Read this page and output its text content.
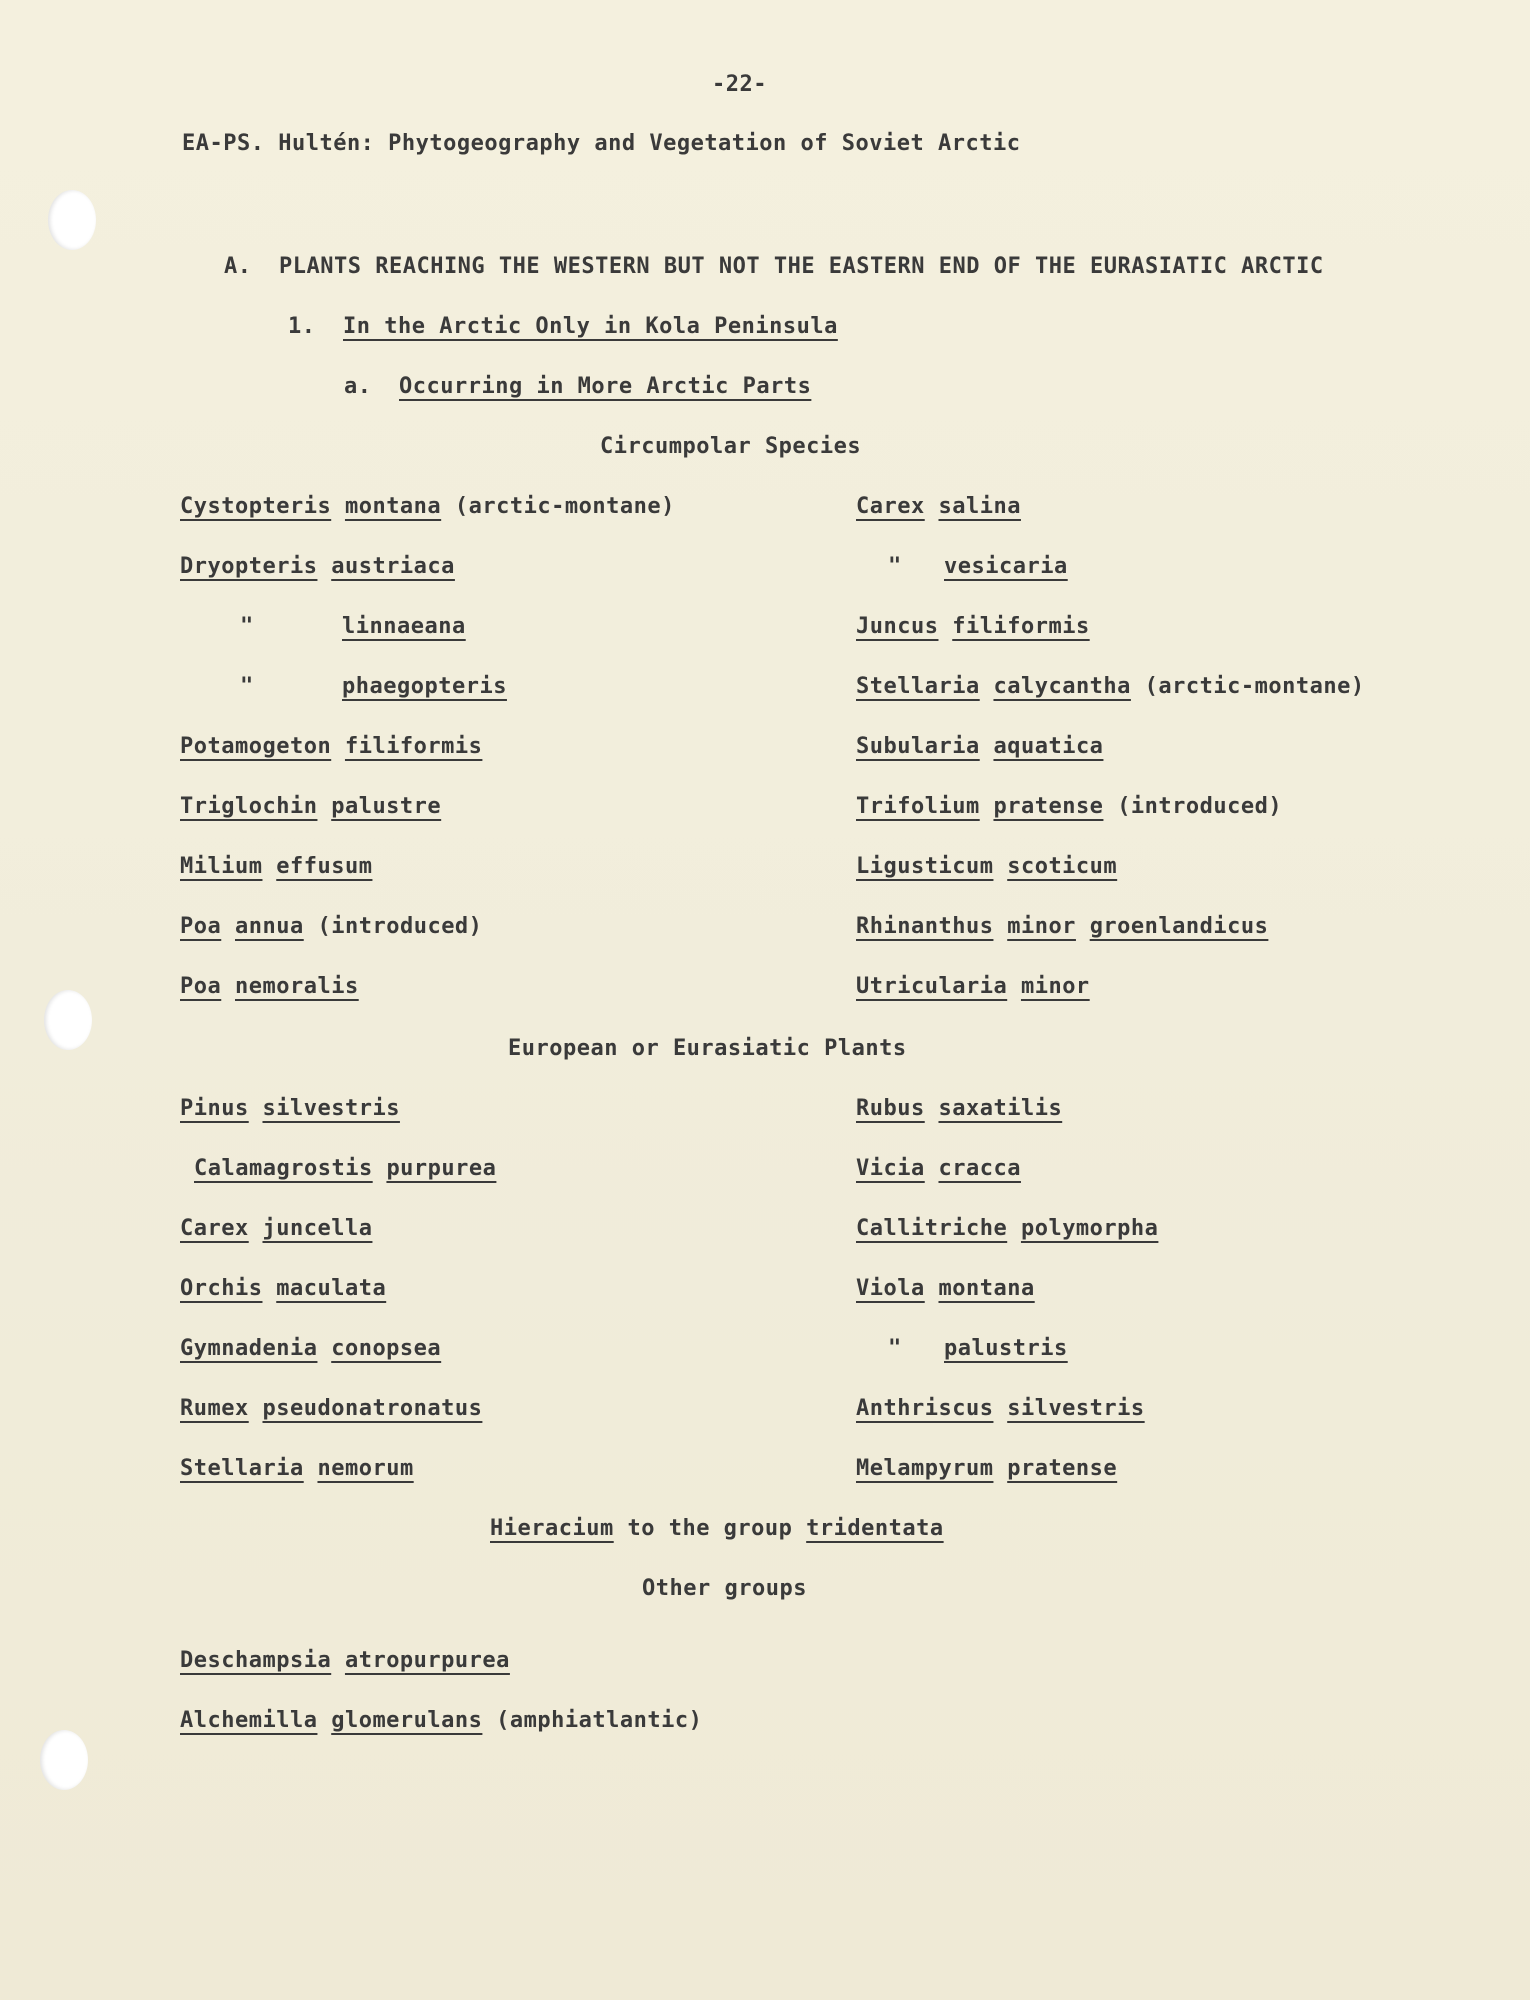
-22-
EA-PS. Hultén: Phytogeography and Vegetation of Soviet Arctic
A. PLANTS REACHING THE WESTERN BUT NOT THE EASTERN END OF THE EURASIATIC ARCTIC
1. In the Arctic Only in Kola Peninsula
a. Occurring in More Arctic Parts
Circumpolar Species
Cystopteris montana (arctic-montane)
Dryopteris austriaca
"	linnaeana
"	phaegopteris
Potamogeton filiformis
Triglochin palustre
Milium effusum
Poa annua (introduced)
Poa nemoralis
Carex salina
" vesicaria
Juncus filiformis
Stellaria calycantha (arctic-montane)
Subularia aquatica
Trifolium pratense (introduced)
Ligusticum scoticum
Rhinanthus minor groenlandicus
Utricularia minor
European or Eurasiatic Plants
Pinus silvestris
Calamagrostis purpurea
Carex juncella
Orchis maculata
Gymnadenia conopsea
Rumex pseudonatronatus
Stellaria nemorum
Rubus saxatilis
Vicia cracca
Callitriche polymorpha
Viola montana
" palustris
Anthriscus silvestris
Melampyrum pratense
Hieracium to the group tridentata
Other groups
Deschampsia atropurpurea
Alchemilla glomerulans (amphiatlantic)
